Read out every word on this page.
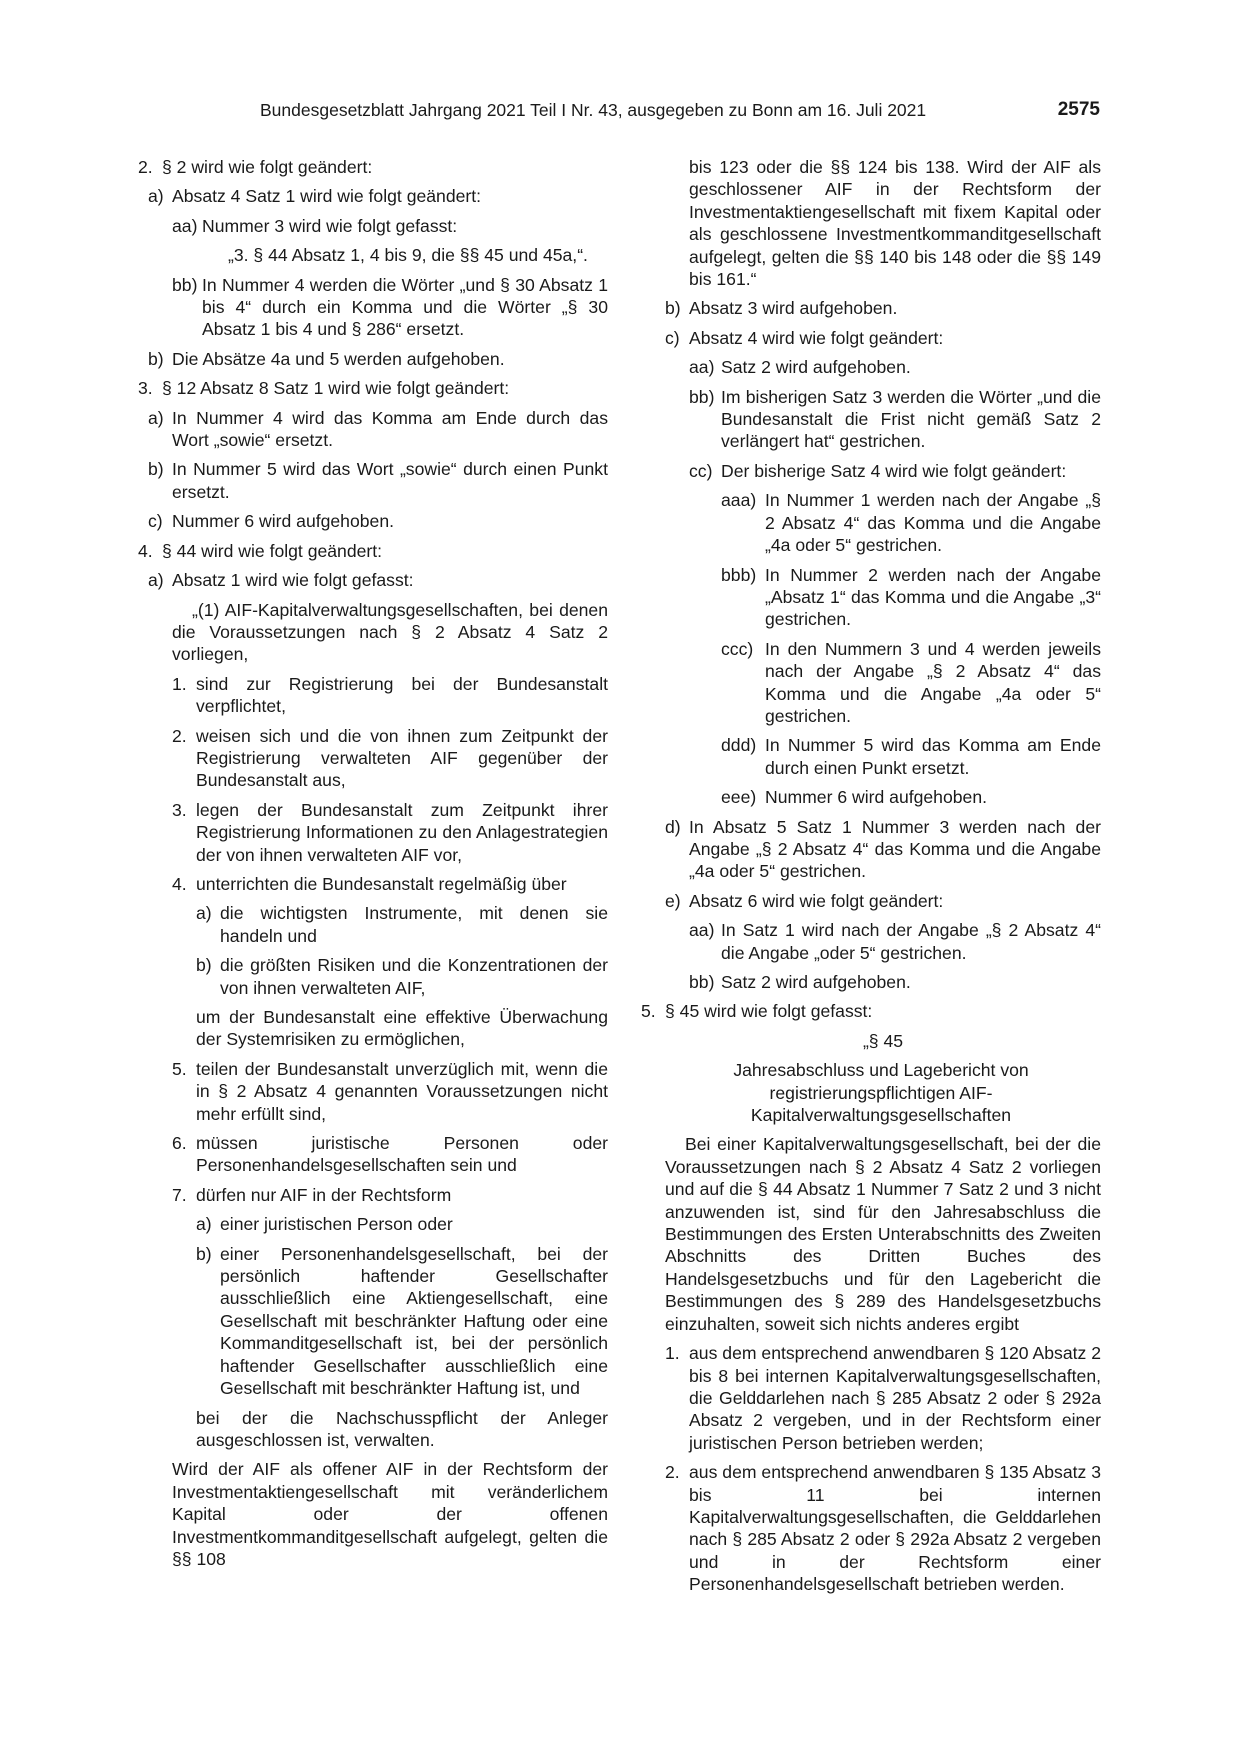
Bundesgesetzblatt Jahrgang 2021 Teil I Nr. 43, ausgegeben zu Bonn am 16. Juli 2021	2575
2. § 2 wird wie folgt geändert:
a) Absatz 4 Satz 1 wird wie folgt geändert:
aa) Nummer 3 wird wie folgt gefasst:
„3. § 44 Absatz 1, 4 bis 9, die §§ 45 und 45a,“.
bb) In Nummer 4 werden die Wörter „und § 30 Absatz 1 bis 4“ durch ein Komma und die Wörter „§ 30 Absatz 1 bis 4 und § 286“ ersetzt.
b) Die Absätze 4a und 5 werden aufgehoben.
3. § 12 Absatz 8 Satz 1 wird wie folgt geändert:
a) In Nummer 4 wird das Komma am Ende durch das Wort „sowie“ ersetzt.
b) In Nummer 5 wird das Wort „sowie“ durch einen Punkt ersetzt.
c) Nummer 6 wird aufgehoben.
4. § 44 wird wie folgt geändert:
a) Absatz 1 wird wie folgt gefasst:
„(1) AIF-Kapitalverwaltungsgesellschaften, bei denen die Voraussetzungen nach § 2 Absatz 4 Satz 2 vorliegen,
1. sind zur Registrierung bei der Bundesanstalt verpflichtet,
2. weisen sich und die von ihnen zum Zeitpunkt der Registrierung verwalteten AIF gegenüber der Bundesanstalt aus,
3. legen der Bundesanstalt zum Zeitpunkt ihrer Registrierung Informationen zu den Anlagestrategien der von ihnen verwalteten AIF vor,
4. unterrichten die Bundesanstalt regelmäßig über
a) die wichtigsten Instrumente, mit denen sie handeln und
b) die größten Risiken und die Konzentrationen der von ihnen verwalteten AIF,
um der Bundesanstalt eine effektive Überwachung der Systemrisiken zu ermöglichen,
5. teilen der Bundesanstalt unverzüglich mit, wenn die in § 2 Absatz 4 genannten Voraussetzungen nicht mehr erfüllt sind,
6. müssen juristische Personen oder Personenhandelsgesellschaften sein und
7. dürfen nur AIF in der Rechtsform
a) einer juristischen Person oder
b) einer Personenhandelsgesellschaft, bei der persönlich haftender Gesellschafter ausschließlich eine Aktiengesellschaft, eine Gesellschaft mit beschränkter Haftung oder eine Kommanditgesellschaft ist, bei der persönlich haftender Gesellschafter ausschließlich eine Gesellschaft mit beschränkter Haftung ist, und
bei der die Nachschusspflicht der Anleger ausgeschlossen ist, verwalten.
Wird der AIF als offener AIF in der Rechtsform der Investmentaktiengesellschaft mit veränderlichem Kapital oder der offenen Investmentkommanditgesellschaft aufgelegt, gelten die §§ 108
bis 123 oder die §§ 124 bis 138. Wird der AIF als geschlossener AIF in der Rechtsform der Investmentaktiengesellschaft mit fixem Kapital oder als geschlossene Investmentkommanditgesellschaft aufgelegt, gelten die §§ 140 bis 148 oder die §§ 149 bis 161.“
b) Absatz 3 wird aufgehoben.
c) Absatz 4 wird wie folgt geändert:
aa) Satz 2 wird aufgehoben.
bb) Im bisherigen Satz 3 werden die Wörter „und die Bundesanstalt die Frist nicht gemäß Satz 2 verlängert hat“ gestrichen.
cc) Der bisherige Satz 4 wird wie folgt geändert:
aaa) In Nummer 1 werden nach der Angabe „§ 2 Absatz 4“ das Komma und die Angabe „4a oder 5“ gestrichen.
bbb) In Nummer 2 werden nach der Angabe „Absatz 1“ das Komma und die Angabe „3“ gestrichen.
ccc) In den Nummern 3 und 4 werden jeweils nach der Angabe „§ 2 Absatz 4“ das Komma und die Angabe „4a oder 5“ gestrichen.
ddd) In Nummer 5 wird das Komma am Ende durch einen Punkt ersetzt.
eee) Nummer 6 wird aufgehoben.
d) In Absatz 5 Satz 1 Nummer 3 werden nach der Angabe „§ 2 Absatz 4“ das Komma und die Angabe „4a oder 5“ gestrichen.
e) Absatz 6 wird wie folgt geändert:
aa) In Satz 1 wird nach der Angabe „§ 2 Absatz 4“ die Angabe „oder 5“ gestrichen.
bb) Satz 2 wird aufgehoben.
5. § 45 wird wie folgt gefasst:
„§ 45
Jahresabschluss und Lagebericht von registrierungspflichtigen AIF-Kapitalverwaltungsgesellschaften
Bei einer Kapitalverwaltungsgesellschaft, bei der die Voraussetzungen nach § 2 Absatz 4 Satz 2 vorliegen und auf die § 44 Absatz 1 Nummer 7 Satz 2 und 3 nicht anzuwenden ist, sind für den Jahresabschluss die Bestimmungen des Ersten Unterabschnitts des Zweiten Abschnitts des Dritten Buches des Handelsgesetzbuchs und für den Lagebericht die Bestimmungen des § 289 des Handelsgesetzbuchs einzuhalten, soweit sich nichts anderes ergibt
1. aus dem entsprechend anwendbaren § 120 Absatz 2 bis 8 bei internen Kapitalverwaltungsgesellschaften, die Gelddarlehen nach § 285 Absatz 2 oder § 292a Absatz 2 vergeben, und in der Rechtsform einer juristischen Person betrieben werden;
2. aus dem entsprechend anwendbaren § 135 Absatz 3 bis 11 bei internen Kapitalverwaltungsgesellschaften, die Gelddarlehen nach § 285 Absatz 2 oder § 292a Absatz 2 vergeben und in der Rechtsform einer Personenhandelsgesellschaft betrieben werden.
